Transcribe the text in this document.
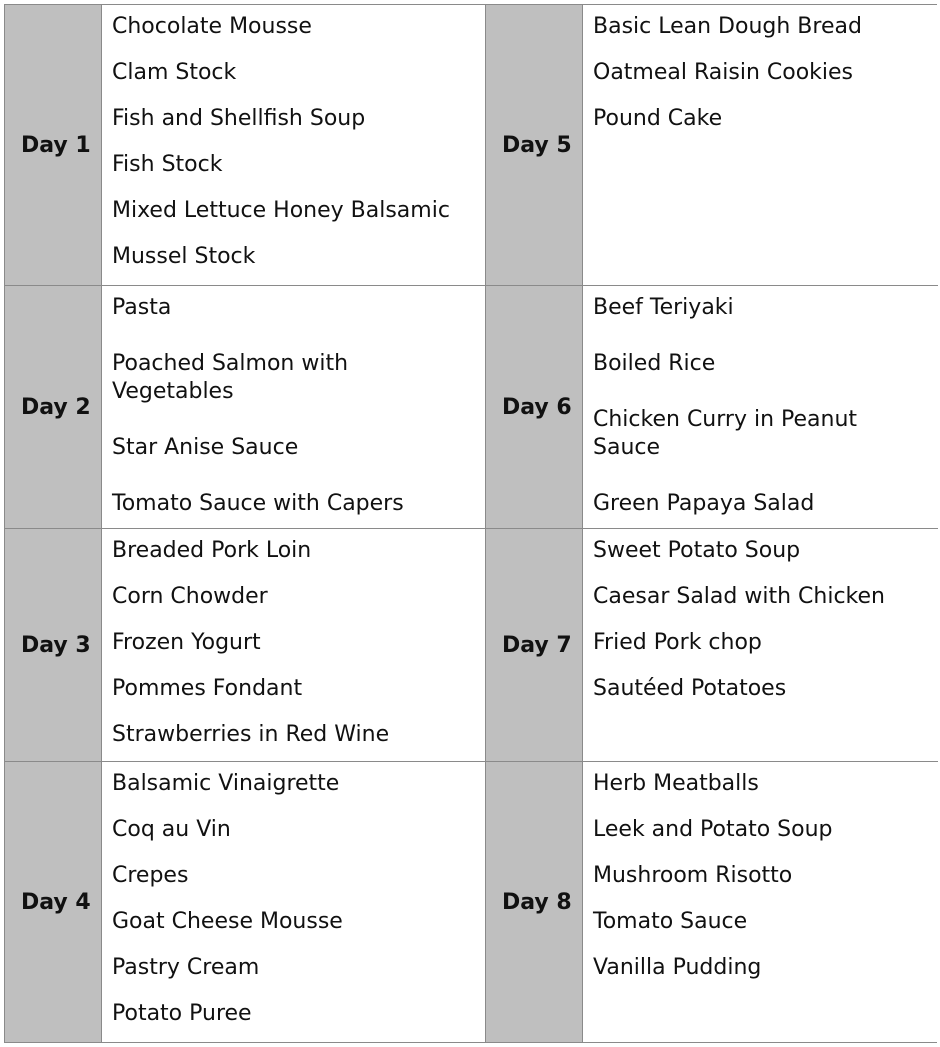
Day 1
Chocolate Mousse
Clam Stock
Fish and Shellfish Soup
Fish Stock
Mixed Lettuce Honey Balsamic
Mussel Stock
Day 5
Basic Lean Dough Bread
Oatmeal Raisin Cookies
Pound Cake
Day 2
Pasta
Poached Salmon with Vegetables
Star Anise Sauce
Tomato Sauce with Capers
Day 6
Beef Teriyaki
Boiled Rice
Chicken Curry in Peanut Sauce
Green Papaya Salad
Day 3
Breaded Pork Loin
Corn Chowder
Frozen Yogurt
Pommes Fondant
Strawberries in Red Wine
Day 7
Sweet Potato Soup
Caesar Salad with Chicken
Fried Pork chop
Sautéed Potatoes
Day 4
Balsamic Vinaigrette
Coq au Vin
Crepes
Goat Cheese Mousse
Pastry Cream
Potato Puree
Day 8
Herb Meatballs
Leek and Potato Soup
Mushroom Risotto
Tomato Sauce
Vanilla Pudding
